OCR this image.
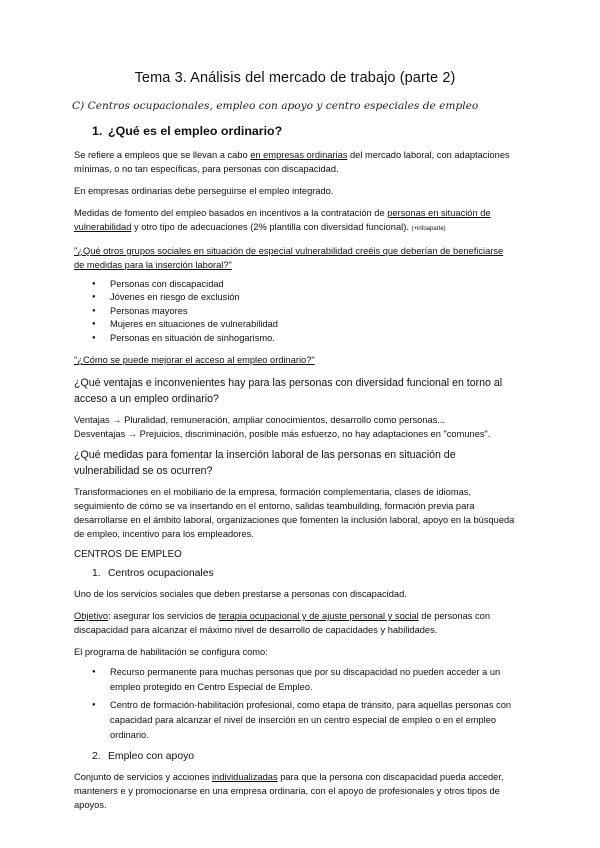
Tema 3. Análisis del mercado de trabajo (parte 2)
C) Centros ocupacionales, empleo con apoyo y centro especiales de empleo
1. ¿Qué es el empleo ordinario?

Se refiere a empleos que se llevan a cabo en empresas ordinarias del mercado laboral, con adaptaciones mínimas, o no tan específicas, para personas con discapacidad.

En empresas ordinarias debe perseguirse el empleo integrado.

Medidas de fomento del empleo basados en incentivos a la contratación de personas en situación de vulnerabilidad y otro tipo de adecuaciones (2% plantilla con diversidad funcional). (+infoaparte)

"¿Qué otros grupos sociales en situación de especial vulnerabilidad creéis que deberían de beneficiarse de medidas para la inserción laboral?"

● Personas con discapacidad
● Jóvenes en riesgo de exclusión
● Personas mayores
● Mujeres en situaciones de vulnerabilidad
● Personas en situación de sinhogarismo.

"¿Cómo se puede mejorar el acceso al empleo ordinario?"

¿Qué ventajas e inconvenientes hay para las personas con diversidad funcional en torno al acceso a un empleo ordinario?

Ventajas → Pluralidad, remuneración, ampliar conocimientos, desarrollo como personas...
Desventajas → Prejuicios, discriminación, posible más esfuerzo, no hay adaptaciones en "comunes".

¿Qué medidas para fomentar la inserción laboral de las personas en situación de vulnerabilidad se os ocurren?

Transformaciones en el mobiliario de la empresa, formación complementaria, clases de idiomas, seguimiento de cómo se va insertando en el entorno, salidas teambuilding, formación previa para desarrollarse en el ámbito laboral, organizaciones que fomenten la inclusión laboral, apoyo en la búsqueda de empleo, incentivo para los empleadores.

CENTROS DE EMPLEO
1. Centros ocupacionales

Uno de los servicios sociales que deben prestarse a personas con discapacidad.

Objetivo: asegurar los servicios de terapia ocupacional y de ajuste personal y social de personas con discapacidad para alcanzar el máximo nivel de desarrollo de capacidades y habilidades.

El programa de habilitación se configura como:

● Recurso permanente para muchas personas que por su discapacidad no pueden acceder a un empleo protegido en Centro Especial de Empleo.
● Centro de formación-habilitación profesional, como etapa de tránsito, para aquellas personas con capacidad para alcanzar el nivel de inserción en un centro especial de empleo o en el empleo ordinario.
2. Empleo con apoyo

Conjunto de servicios y acciones individualizadas para que la persona con discapacidad pueda acceder, manteners e y promocionarse en una empresa ordinaria, con el apoyo de profesionales y otros tipos de apoyos.
